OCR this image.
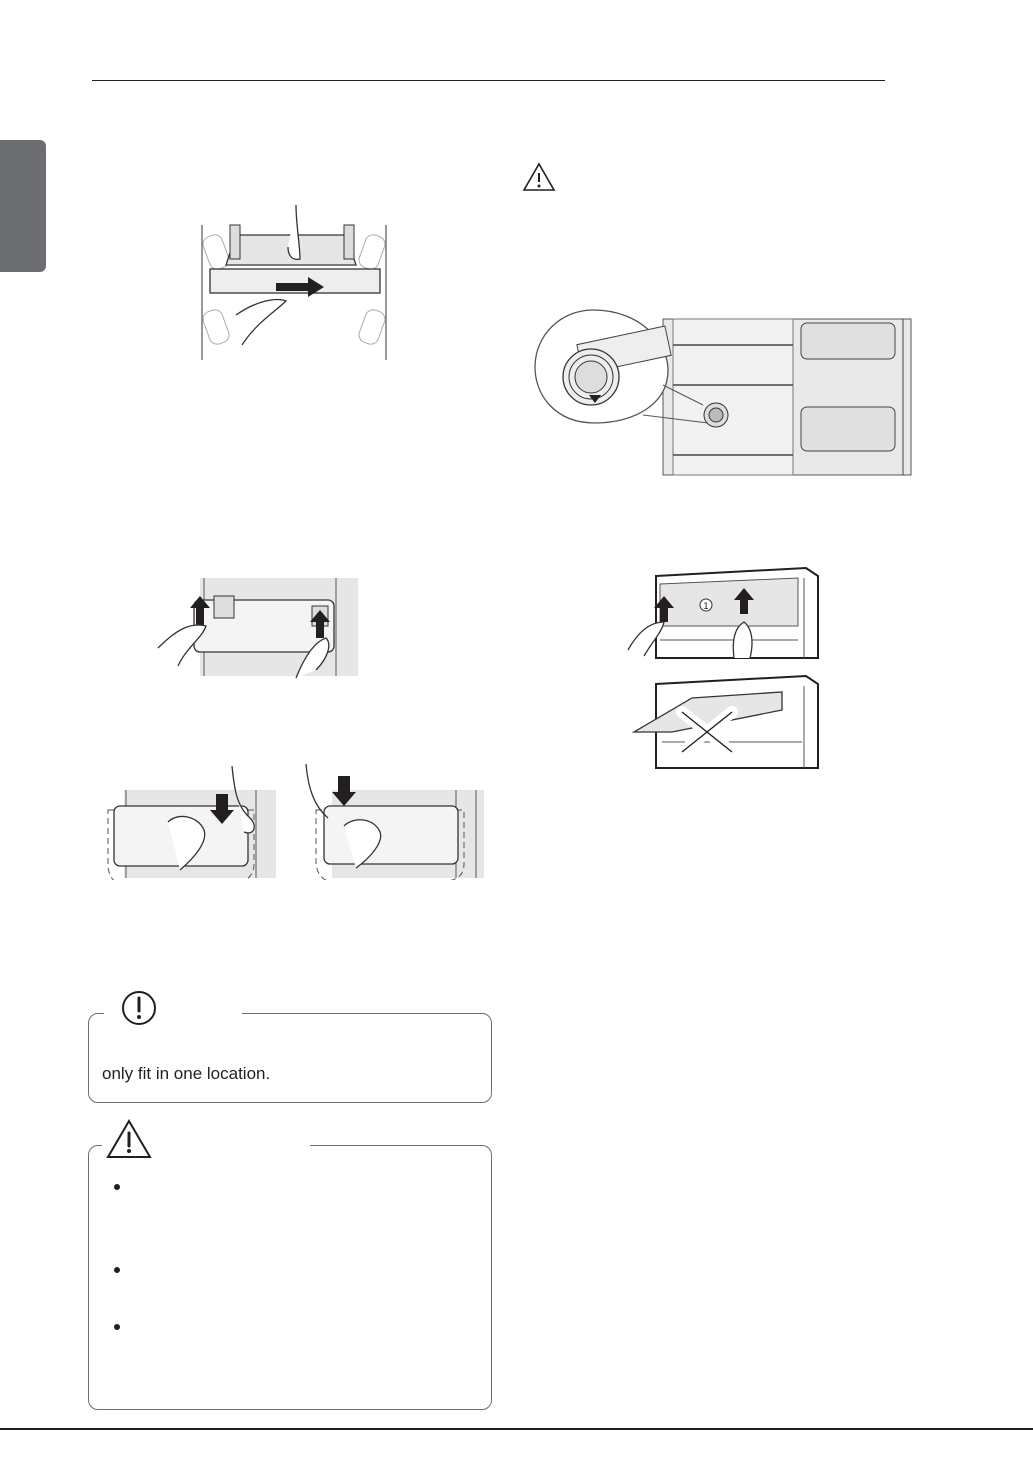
1
only fit in one location.
